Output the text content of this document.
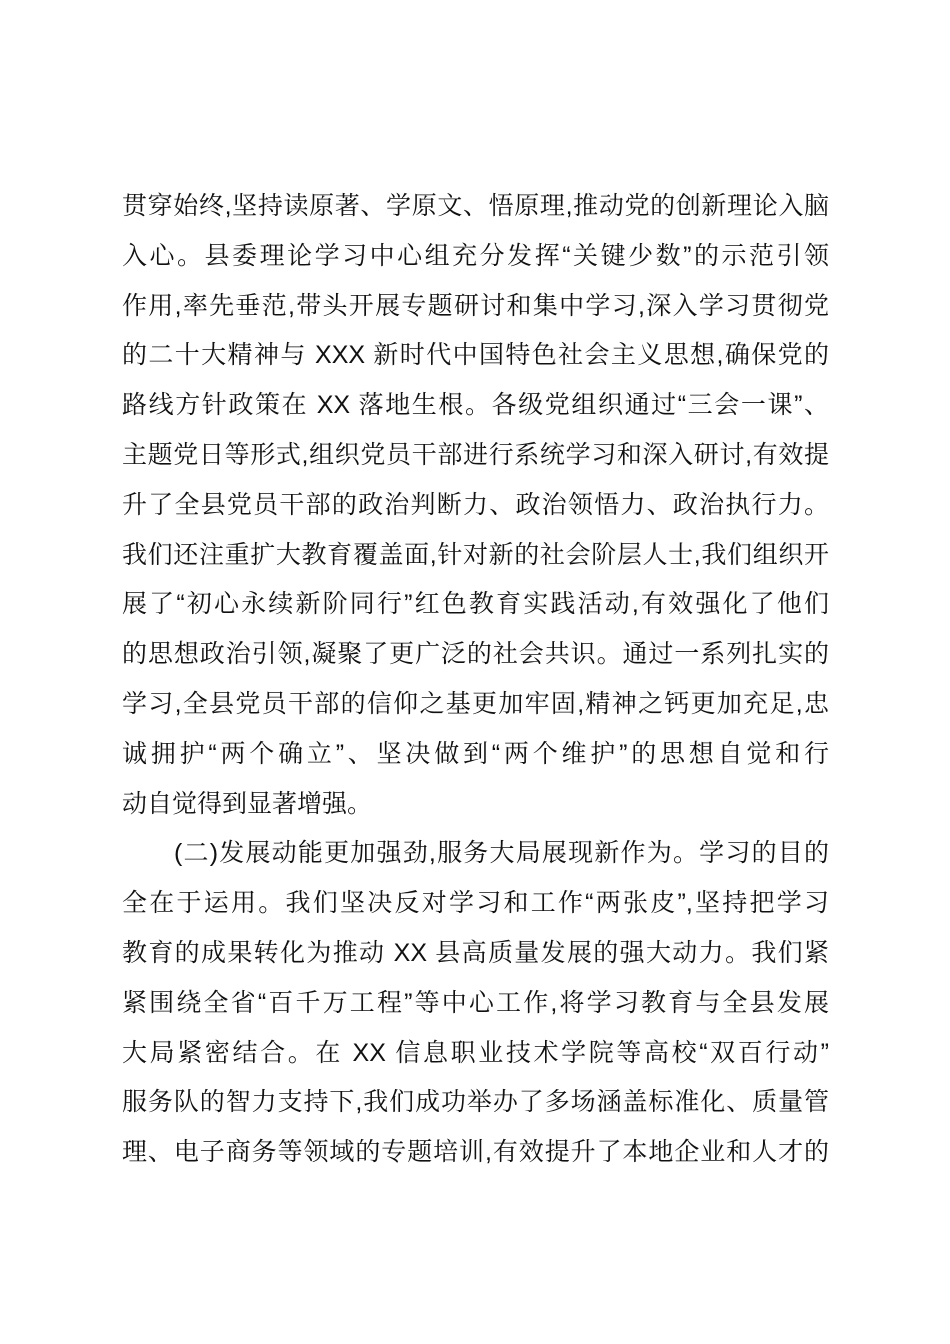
贯穿始终,坚持读原著、学原文、悟原理,推动党的创新理论入脑
入心。县委理论学习中心组充分发挥“关键少数”的示范引领
作用,率先垂范,带头开展专题研讨和集中学习,深入学习贯彻党
的二十大精神与 XXX 新时代中国特色社会主义思想,确保党的
路线方针政策在 XX 落地生根。各级党组织通过“三会一课”、
主题党日等形式,组织党员干部进行系统学习和深入研讨,有效提
升了全县党员干部的政治判断力、政治领悟力、政治执行力。
我们还注重扩大教育覆盖面,针对新的社会阶层人士,我们组织开
展了“初心永续新阶同行”红色教育实践活动,有效强化了他们
的思想政治引领,凝聚了更广泛的社会共识。通过一系列扎实的
学习,全县党员干部的信仰之基更加牢固,精神之钙更加充足,忠
诚拥护“两个确立”、坚决做到“两个维护”的思想自觉和行
动自觉得到显著增强。
(二)发展动能更加强劲,服务大局展现新作为。学习的目的
全在于运用。我们坚决反对学习和工作“两张皮”,坚持把学习
教育的成果转化为推动 XX 县高质量发展的强大动力。我们紧
紧围绕全省“百千万工程”等中心工作,将学习教育与全县发展
大局紧密结合。在 XX 信息职业技术学院等高校“双百行动”
服务队的智力支持下,我们成功举办了多场涵盖标准化、质量管
理、电子商务等领域的专题培训,有效提升了本地企业和人才的
